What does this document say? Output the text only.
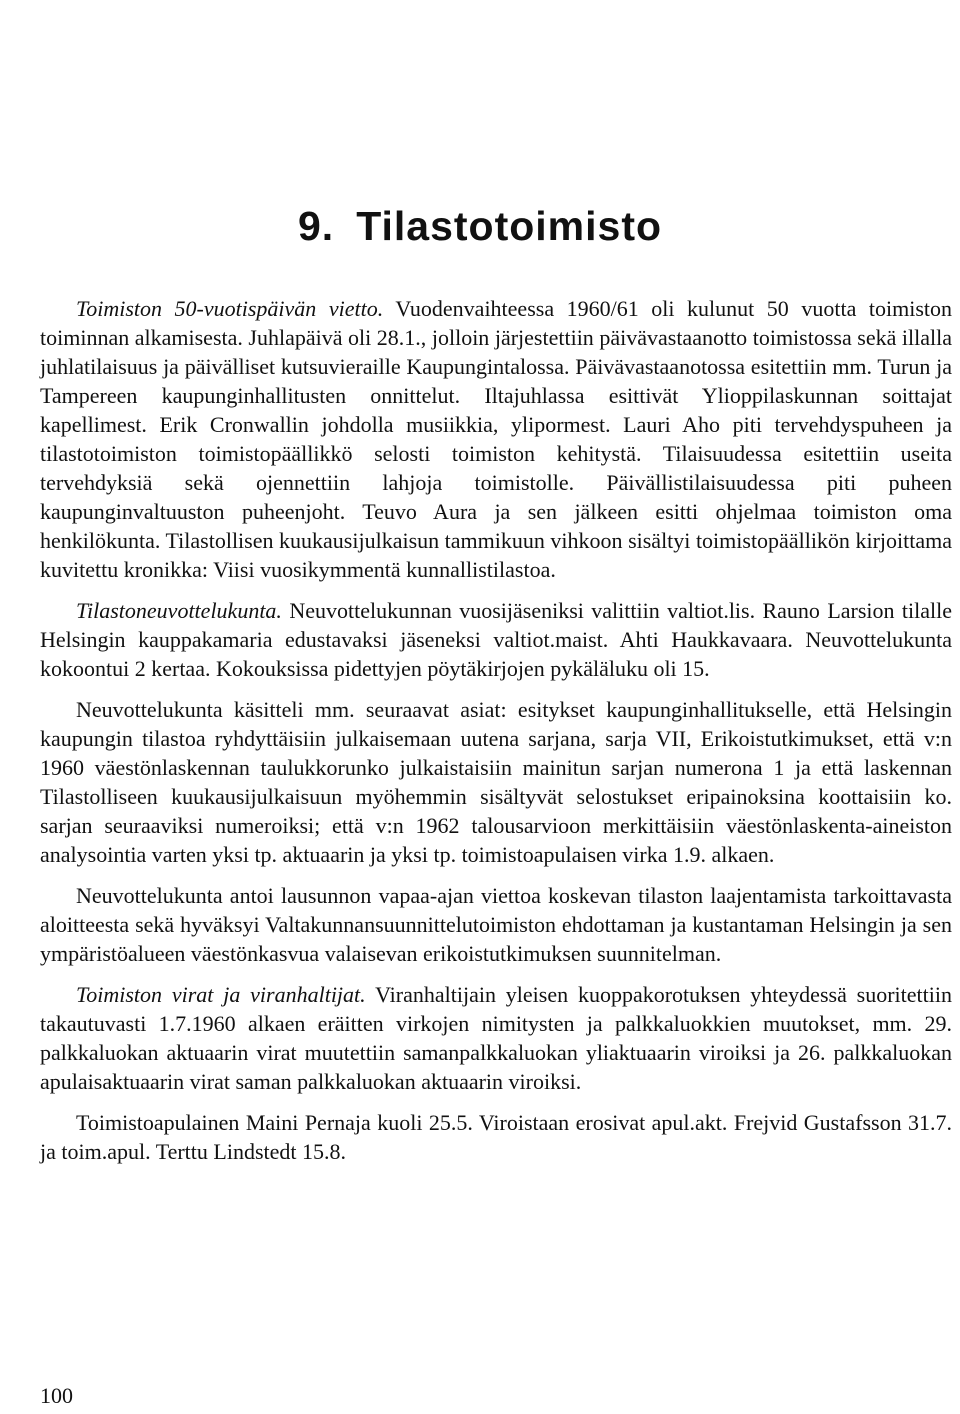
9. Tilastotoimisto

Toimiston 50-vuotispäivän vietto. Vuodenvaihteessa 1960/61 oli kulunut 50 vuotta toimiston toiminnan alkamisesta. Juhlapäivä oli 28.1., jolloin järjestettiin päivävastaanotto toimistossa sekä illalla juhlatilaisuus ja päivälliset kutsuvieraille Kaupungintalossa. Päivävastaanotossa esitettiin mm. Turun ja Tampereen kaupunginhallitusten onnittelut. Iltajuhlassa esittivät Ylioppilaskunnan soittajat kapellimest. Erik Cronwallin johdolla musiikkia, ylipormest. Lauri Aho piti tervehdyspuheen ja tilastotoimiston toimistopäällikkö selosti toimiston kehitystä. Tilaisuudessa esitettiin useita tervehdyksiä sekä ojennettiin lahjoja toimistolle. Päivällistilaisuudessa piti puheen kaupunginvaltuuston puheenjoht. Teuvo Aura ja sen jälkeen esitti ohjelmaa toimiston oma henkilökunta. Tilastollisen kuukausijulkaisun tammikuun vihkoon sisältyi toimistopäällikön kirjoittama kuvitettu kronikka: Viisi vuosikymmentä kunnallistilastoa.

Tilastoneuvottelukunta. Neuvottelukunnan vuosijäseniksi valittiin valtiot.lis. Rauno Larsion tilalle Helsingin kauppakamaria edustavaksi jäseneksi valtiot.maist. Ahti Haukkavaara. Neuvottelukunta kokoontui 2 kertaa. Kokouksissa pidettyjen pöytäkirjojen pykäläluku oli 15.

Neuvottelukunta käsitteli mm. seuraavat asiat: esitykset kaupunginhallitukselle, että Helsingin kaupungin tilastoa ryhdyttäisiin julkaisemaan uutena sarjana, sarja VII, Erikoistutkimukset, että v:n 1960 väestönlaskennan taulukkorunko julkaistaisiin mainitun sarjan numerona 1 ja että laskennan Tilastolliseen kuukausijulkaisuun myöhemmin sisältyvät selostukset eripainoksina koottaisiin ko. sarjan seuraaviksi numeroiksi; että v:n 1962 talousarvioon merkittäisiin väestönlaskenta-aineiston analysointia varten yksi tp. aktuaarin ja yksi tp. toimistoapulaisen virka 1.9. alkaen.

Neuvottelukunta antoi lausunnon vapaa-ajan viettoa koskevan tilaston laajentamista tarkoittavasta aloitteesta sekä hyväksyi Valtakunnansuunnittelutoimiston ehdottaman ja kustantaman Helsingin ja sen ympäristöalueen väestönkasvua valaisevan erikoistutkimuksen suunnitelman.

Toimiston virat ja viranhaltijat. Viranhaltijain yleisen kuoppakorotuksen yhteydessä suoritettiin takautuvasti 1.7.1960 alkaen eräitten virkojen nimitysten ja palkkaluokkien muutokset, mm. 29. palkkaluokan aktuaarin virat muutettiin samanpalkkaluokan yliaktuaarin viroiksi ja 26. palkkaluokan apulaisaktuaarin virat saman palkkaluokan aktuaarin viroiksi.

Toimistoapulainen Maini Pernaja kuoli 25.5. Viroistaan erosivat apul.akt. Frejvid Gustafsson 31.7. ja toim.apul. Terttu Lindstedt 15.8.

100
